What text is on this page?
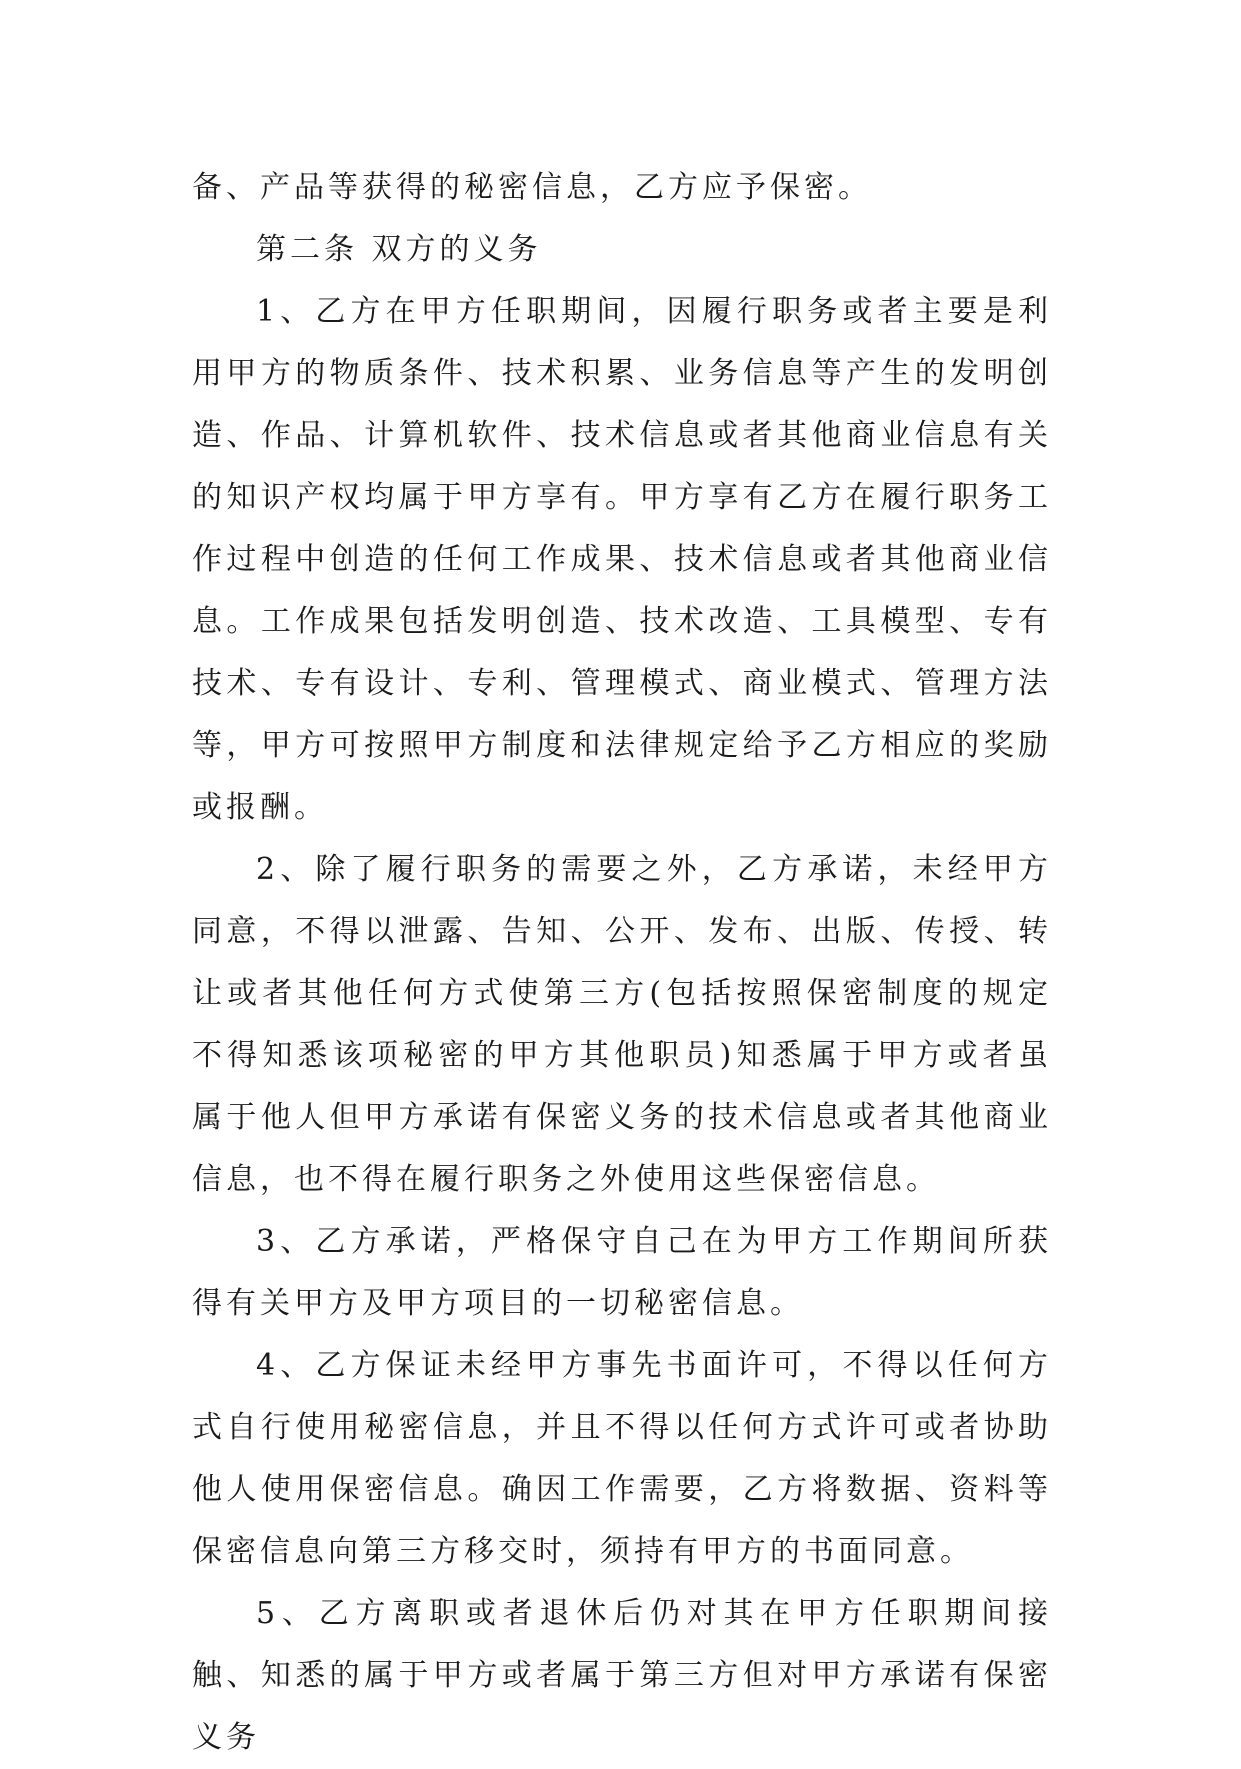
备、产品等获得的秘密信息，乙方应予保密。

第二条 双方的义务

1、乙方在甲方任职期间，因履行职务或者主要是利用甲方的物质条件、技术积累、业务信息等产生的发明创造、作品、计算机软件、技术信息或者其他商业信息有关的知识产权均属于甲方享有。甲方享有乙方在履行职务工作过程中创造的任何工作成果、技术信息或者其他商业信息。工作成果包括发明创造、技术改造、工具模型、专有技术、专有设计、专利、管理模式、商业模式、管理方法等，甲方可按照甲方制度和法律规定给予乙方相应的奖励或报酬。

2、除了履行职务的需要之外，乙方承诺，未经甲方同意，不得以泄露、告知、公开、发布、出版、传授、转让或者其他任何方式使第三方(包括按照保密制度的规定不得知悉该项秘密的甲方其他职员)知悉属于甲方或者虽属于他人但甲方承诺有保密义务的技术信息或者其他商业信息，也不得在履行职务之外使用这些保密信息。

3、乙方承诺，严格保守自己在为甲方工作期间所获得有关甲方及甲方项目的一切秘密信息。

4、乙方保证未经甲方事先书面许可，不得以任何方式自行使用秘密信息，并且不得以任何方式许可或者协助他人使用保密信息。确因工作需要，乙方将数据、资料等保密信息向第三方移交时，须持有甲方的书面同意。

5、乙方离职或者退休后仍对其在甲方任职期间接触、知悉的属于甲方或者属于第三方但对甲方承诺有保密义务
